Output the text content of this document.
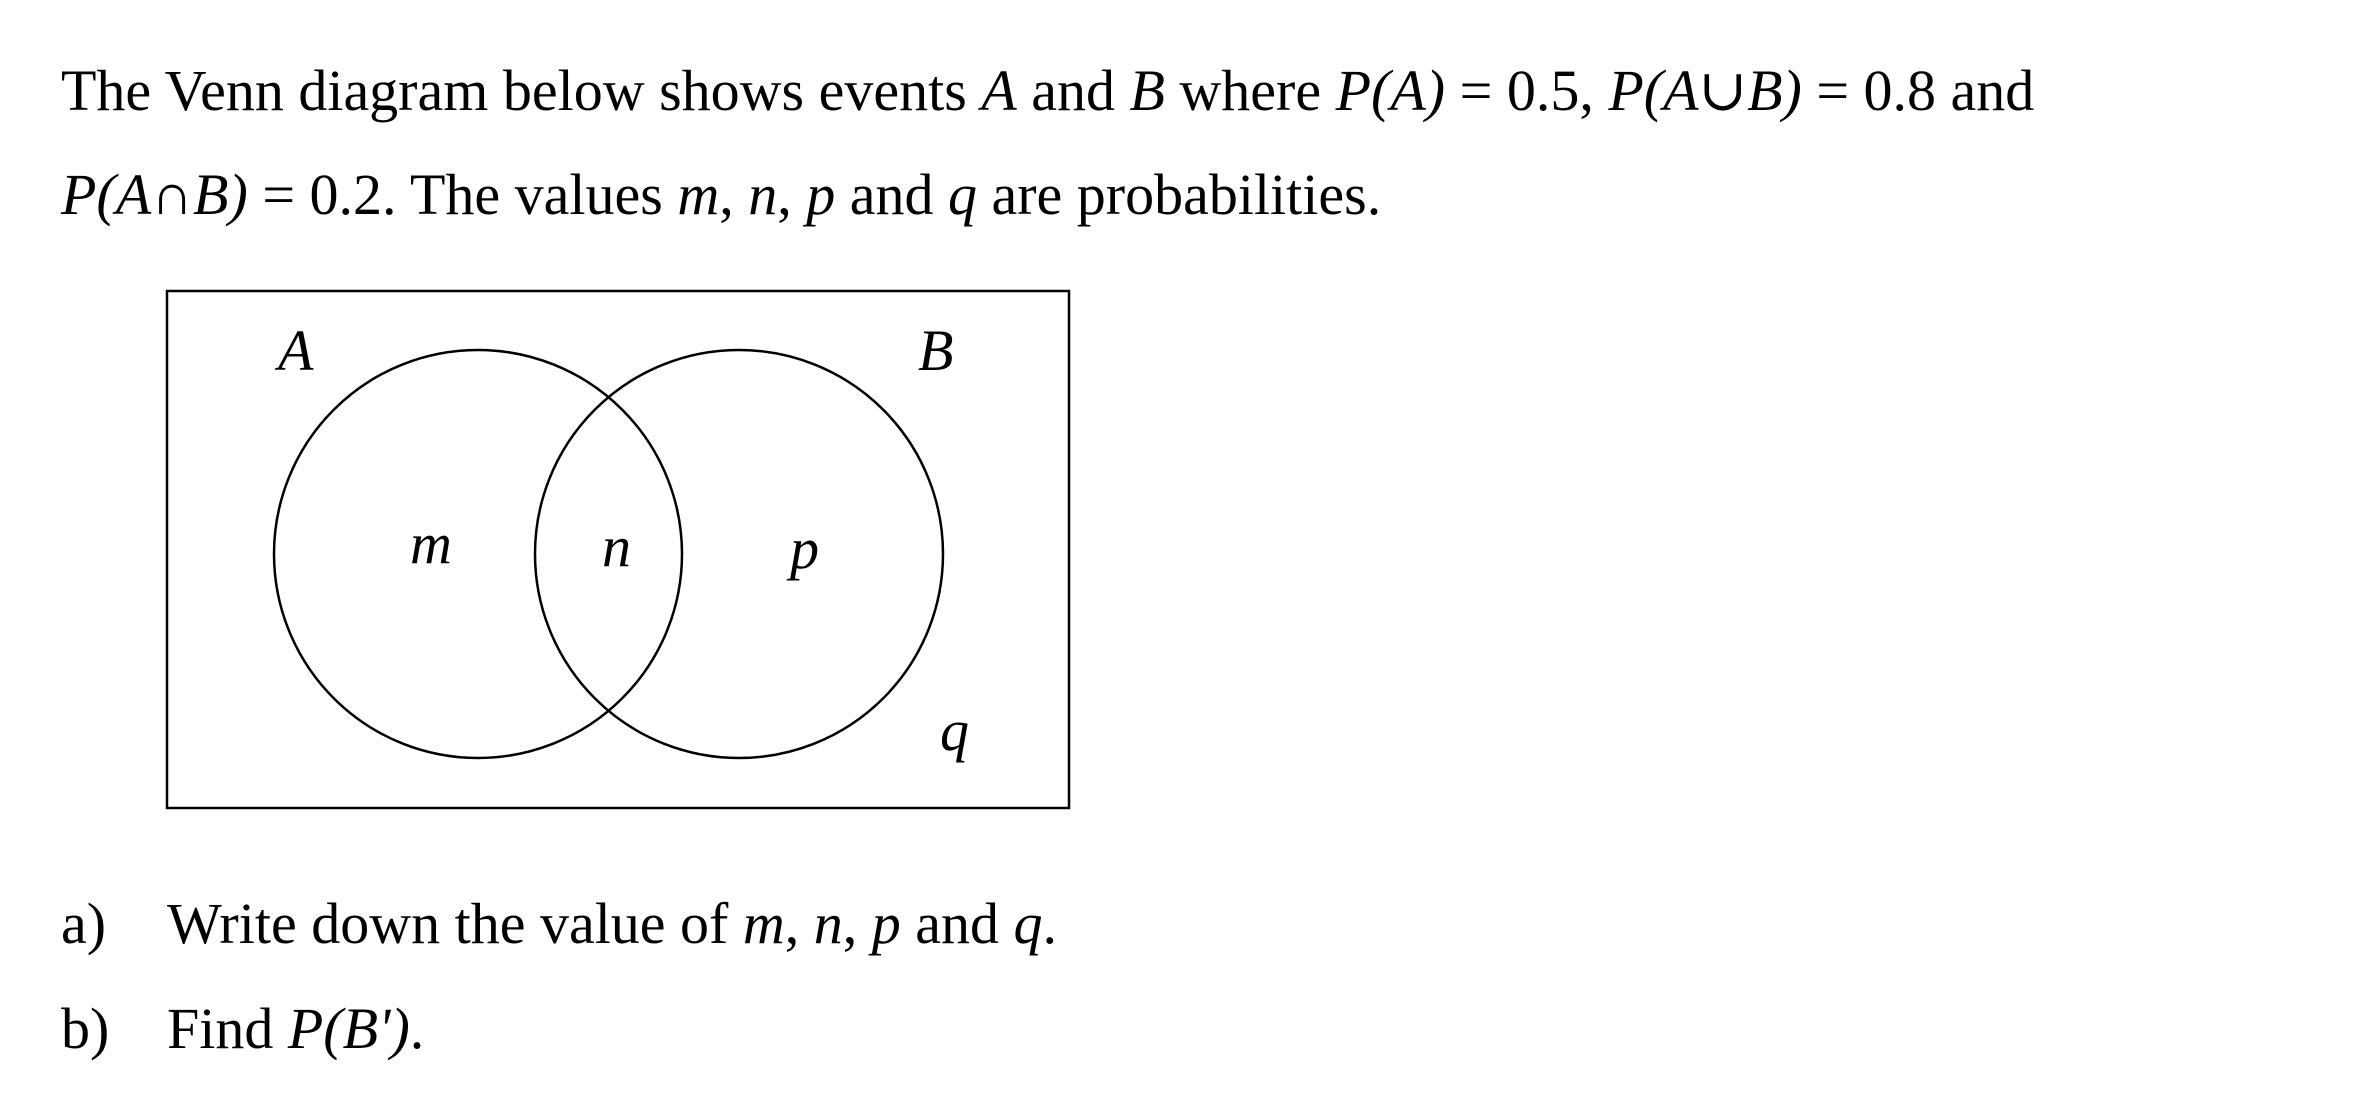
The Venn diagram below shows events A and B where P(A) = 0.5, P(A∪B) = 0.8 and
P(A∩B) = 0.2. The values m, n, p and q are probabilities.
A	B
m	n	p
q
a) Write down the value of m, n, p and q.
b) Find P(B').
